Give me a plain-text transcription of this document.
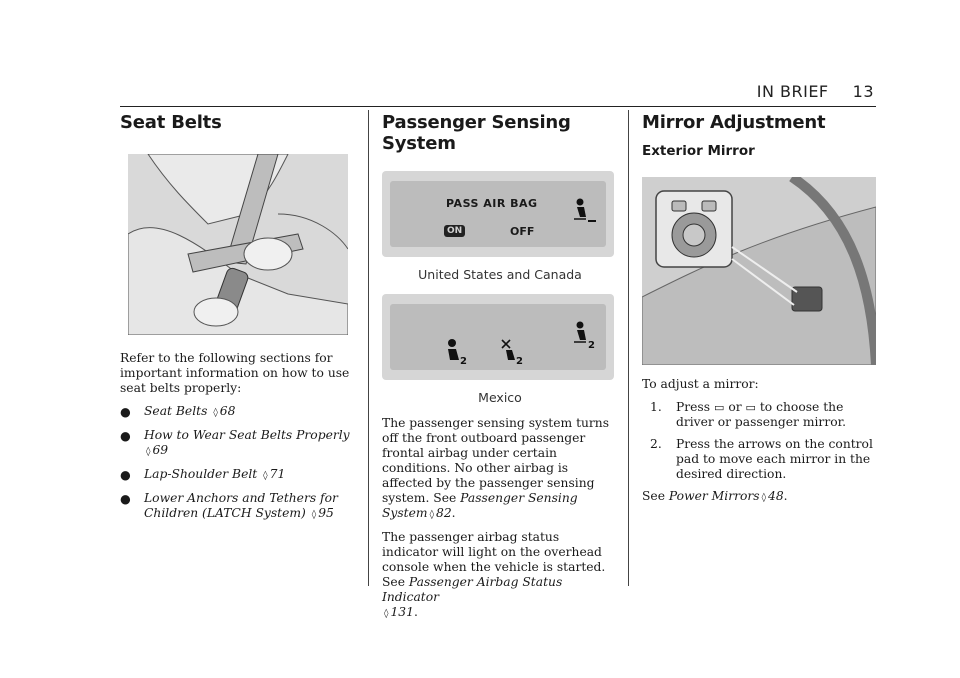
IN BRIEF 13
Seat Belts

Refer to the following sections for important information on how to use seat belts properly:

● Seat Belts ◊ 68
● How to Wear Seat Belts Properly
◊ 69
● Lap-Shoulder Belt ◊ 71
● Lower Anchors and Tethers for Children (LATCH System) ◊ 95
Passenger Sensing System
PASS AIR BAG
ON	OFF
United States and Canada
2	2
2
Mexico

The passenger sensing system turns off the front outboard passenger frontal airbag under certain conditions. No other airbag is affected by the passenger sensing system. See Passenger Sensing System ◊ 82.

The passenger airbag status indicator will light on the overhead console when the vehicle is started. See Passenger Airbag Status Indicator
◊ 131.

Mirror Adjustment
Exterior Mirror

To adjust a mirror:

1. Press ▭ or ▭ to choose the driver or passenger mirror.
2. Press the arrows on the control pad to move each mirror in the desired direction.

See Power Mirrors ◊ 48.
